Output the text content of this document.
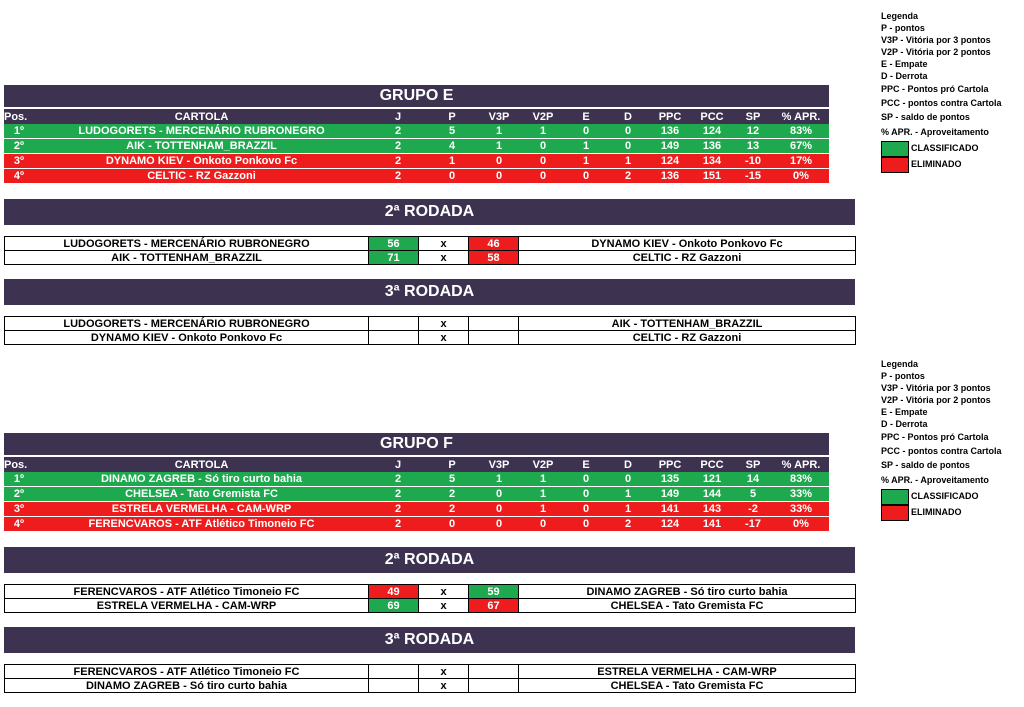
GRUPO E
Pos.	CARTOLA	J	P	V3P	V2P	E	D	PPC	PCC	SP	% APR.
1º	LUDOGORETS - MERCENÁRIO RUBRONEGRO	2	5	1	1	0	0	136	124	12	83%
2º	AIK - TOTTENHAM_BRAZZIL	2	4	1	0	1	0	149	136	13	67%
3º	DYNAMO KIEV - Onkoto Ponkovo Fc	2	1	0	0	1	1	124	134	-10	17%
4º	CELTIC - RZ Gazzoni	2	0	0	0	0	2	136	151	-15	0%
2ª RODADA
LUDOGORETS - MERCENÁRIO RUBRONEGRO	56	x	46	DYNAMO KIEV - Onkoto Ponkovo Fc
AIK - TOTTENHAM_BRAZZIL	71	x	58	CELTIC - RZ Gazzoni
3ª RODADA
LUDOGORETS - MERCENÁRIO RUBRONEGRO		x		AIK - TOTTENHAM_BRAZZIL
DYNAMO KIEV - Onkoto Ponkovo Fc		x		CELTIC - RZ Gazzoni
Legenda
P - pontos
V3P - Vitória por 3 pontos
V2P - Vitória por 2 pontos
E - Empate
D - Derrota
PPC - Pontos pró Cartola
PCC - pontos contra Cartola
SP - saldo de pontos
% APR. - Aproveitamento
CLASSIFICADO
ELIMINADO
GRUPO F
Pos.	CARTOLA	J	P	V3P	V2P	E	D	PPC	PCC	SP	% APR.
1º	DINAMO ZAGREB - Só tiro curto bahia	2	5	1	1	0	0	135	121	14	83%
2º	CHELSEA - Tato Gremista FC	2	2	0	1	0	1	149	144	5	33%
3º	ESTRELA VERMELHA - CAM-WRP	2	2	0	1	0	1	141	143	-2	33%
4º	FERENCVAROS - ATF Atlético Timoneio FC	2	0	0	0	0	2	124	141	-17	0%
2ª RODADA
FERENCVAROS - ATF Atlético Timoneio FC	49	x	59	DINAMO ZAGREB - Só tiro curto bahia
ESTRELA VERMELHA - CAM-WRP	69	x	67	CHELSEA - Tato Gremista FC
3ª RODADA
FERENCVAROS - ATF Atlético Timoneio FC		x		ESTRELA VERMELHA - CAM-WRP
DINAMO ZAGREB - Só tiro curto bahia		x		CHELSEA - Tato Gremista FC
Legenda
P - pontos
V3P - Vitória por 3 pontos
V2P - Vitória por 2 pontos
E - Empate
D - Derrota
PPC - Pontos pró Cartola
PCC - pontos contra Cartola
SP - saldo de pontos
% APR. - Aproveitamento
CLASSIFICADO
ELIMINADO
